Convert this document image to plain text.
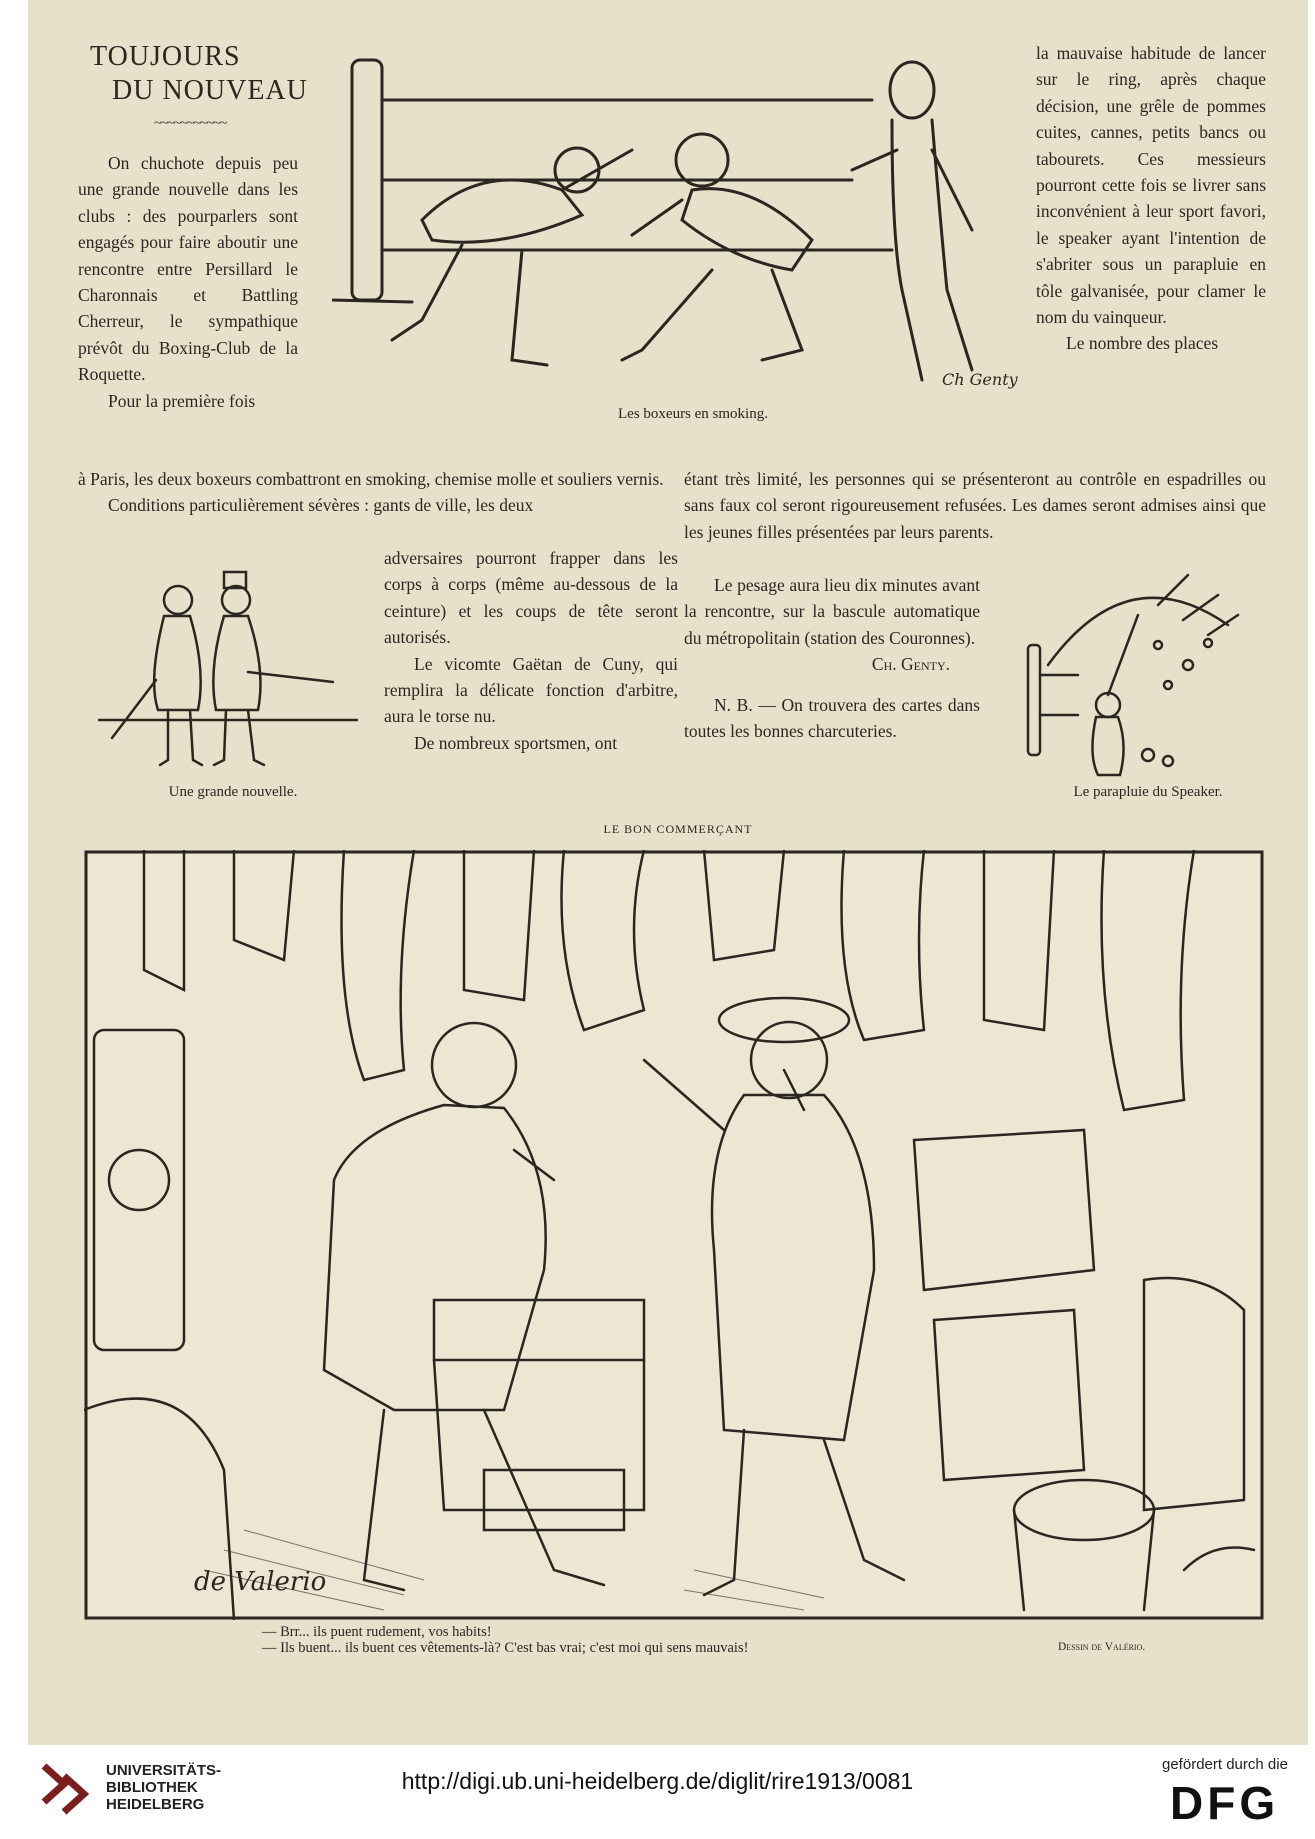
TOUJOURS
DU NOUVEAU
~~~~~~~~~~~

On chuchote depuis peu une grande nouvelle dans les clubs : des pourparlers sont engagés pour faire aboutir une rencontre entre Persillard le Charonnais et Battling Cherreur, le sympathique prévôt du Boxing-Club de la Roquette.

Pour la première fois

Ch Genty
Les boxeurs en smoking.

la mauvaise habitude de lancer sur le ring, après chaque décision, une grêle de pommes cuites, cannes, petits bancs ou tabourets. Ces messieurs pourront cette fois se livrer sans inconvénient à leur sport favori, le speaker ayant l'intention de s'abriter sous un parapluie en tôle galvanisée, pour clamer le nom du vainqueur.

Le nombre des places

à Paris, les deux boxeurs combattront en smoking, chemise molle et souliers vernis.

Conditions particulièrement sévères : gants de ville, les deux

étant très limité, les personnes qui se présenteront au contrôle en espadrilles ou sans faux col seront rigoureusement refusées. Les dames seront admises ainsi que les jeunes filles présentées par leurs parents.

Une grande nouvelle.

adversaires pourront frapper dans les corps à corps (même au-dessous de la ceinture) et les coups de tête seront autorisés.

Le vicomte Gaëtan de Cuny, qui remplira la délicate fonction d'arbitre, aura le torse nu.

De nombreux sportsmen, ont

Le pesage aura lieu dix minutes avant la rencontre, sur la bascule automatique du métropolitain (station des Couronnes).

Ch. Genty.

N. B. — On trouvera des cartes dans toutes les bonnes charcuteries.

Le parapluie du Speaker.
LE BON COMMERÇANT
de Valerio

— Brr... ils puent rudement, vos habits!

— Ils buent... ils buent ces vêtements-là? C'est bas vrai; c'est moi qui sens mauvais!	Dessin de Valério.
UNIVERSITÄTS-
BIBLIOTHEK
HEIDELBERG
http://digi.ub.uni-heidelberg.de/diglit/rire1913/0081
gefördert durch die
DFG
